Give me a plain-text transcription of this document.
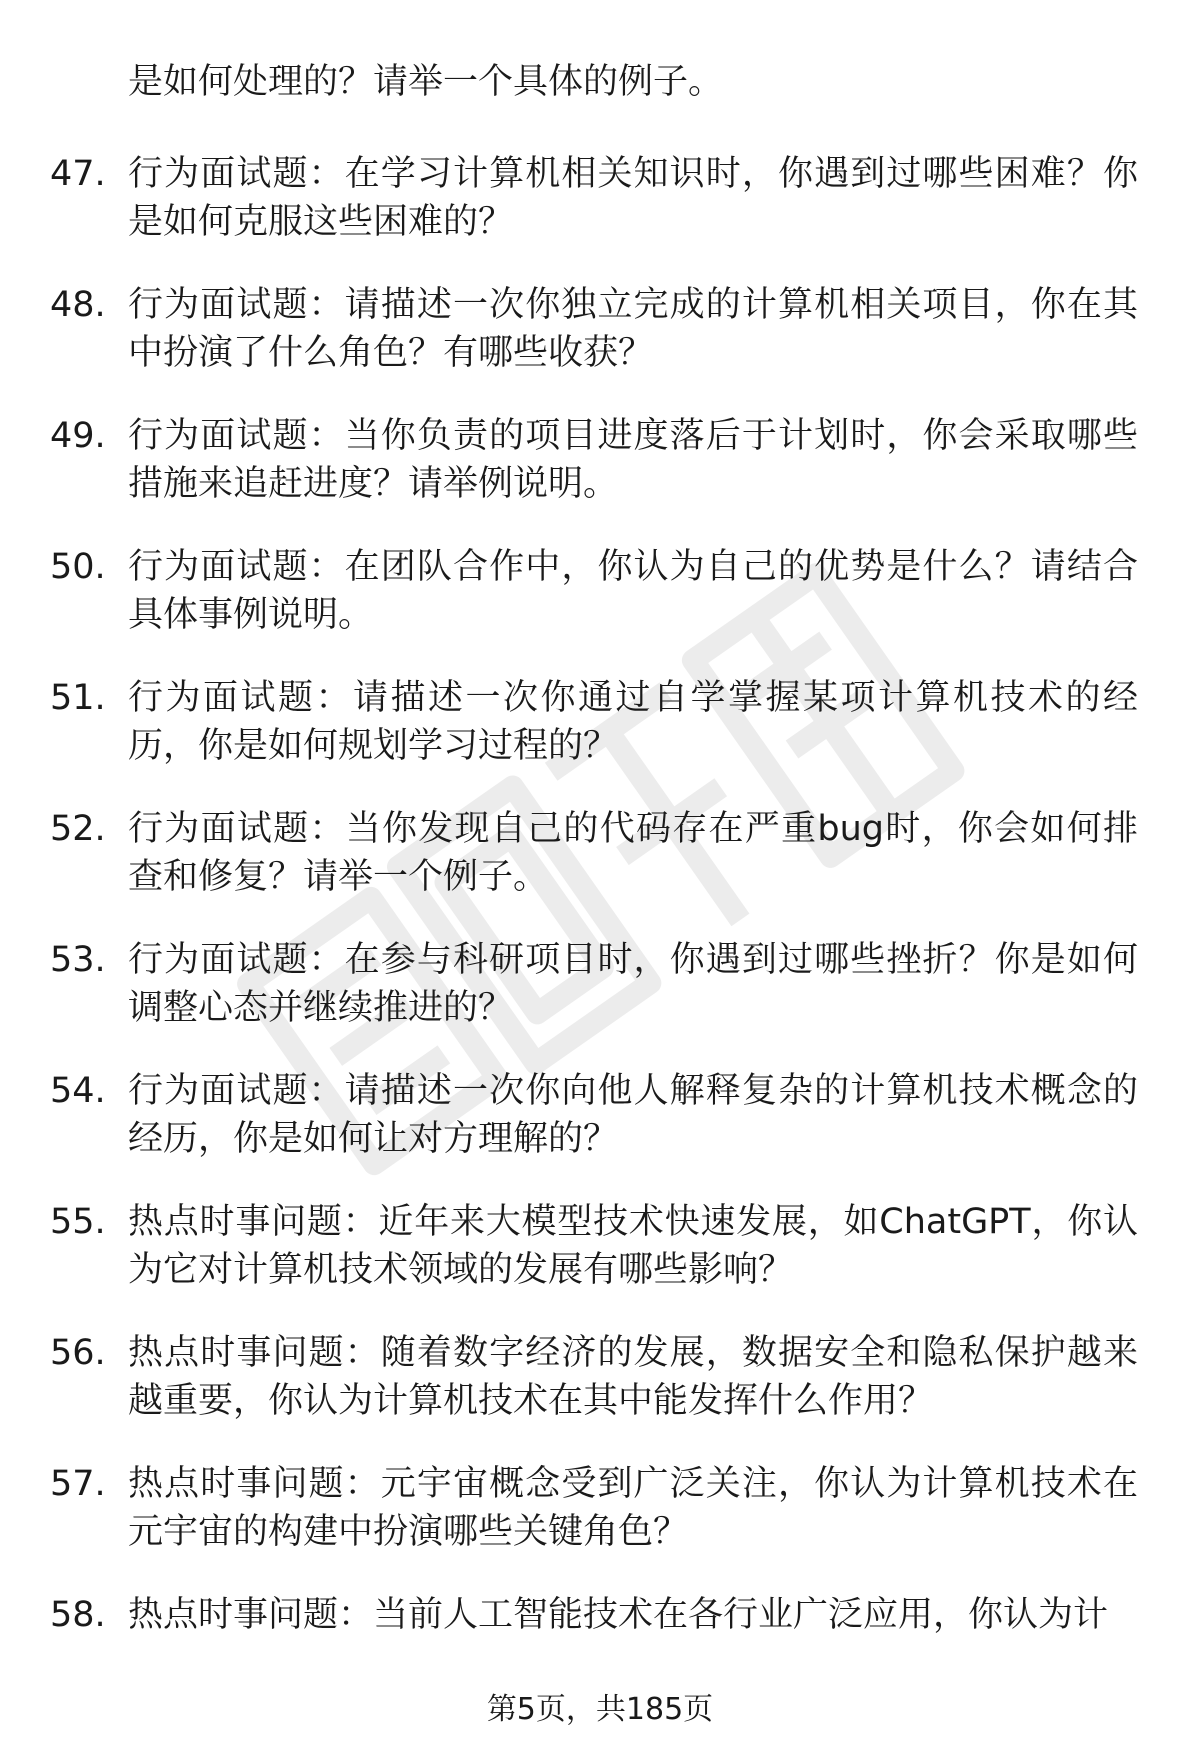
是如何处理的？请举一个具体的例子。
47. 行为面试题：在学习计算机相关知识时，你遇到过哪些困难？你是如何克服这些困难的？
48. 行为面试题：请描述一次你独立完成的计算机相关项目，你在其中扮演了什么角色？有哪些收获？
49. 行为面试题：当你负责的项目进度落后于计划时，你会采取哪些措施来追赶进度？请举例说明。
50. 行为面试题：在团队合作中，你认为自己的优势是什么？请结合具体事例说明。
51. 行为面试题：请描述一次你通过自学掌握某项计算机技术的经历，你是如何规划学习过程的？
52. 行为面试题：当你发现自己的代码存在严重bug时，你会如何排查和修复？请举一个例子。
53. 行为面试题：在参与科研项目时，你遇到过哪些挫折？你是如何调整心态并继续推进的？
54. 行为面试题：请描述一次你向他人解释复杂的计算机技术概念的经历，你是如何让对方理解的？
55. 热点时事问题：近年来大模型技术快速发展，如ChatGPT，你认为它对计算机技术领域的发展有哪些影响？
56. 热点时事问题：随着数字经济的发展，数据安全和隐私保护越来越重要，你认为计算机技术在其中能发挥什么作用？
57. 热点时事问题：元宇宙概念受到广泛关注，你认为计算机技术在元宇宙的构建中扮演哪些关键角色？
58. 热点时事问题：当前人工智能技术在各行业广泛应用，你认为计
第5页，共185页
